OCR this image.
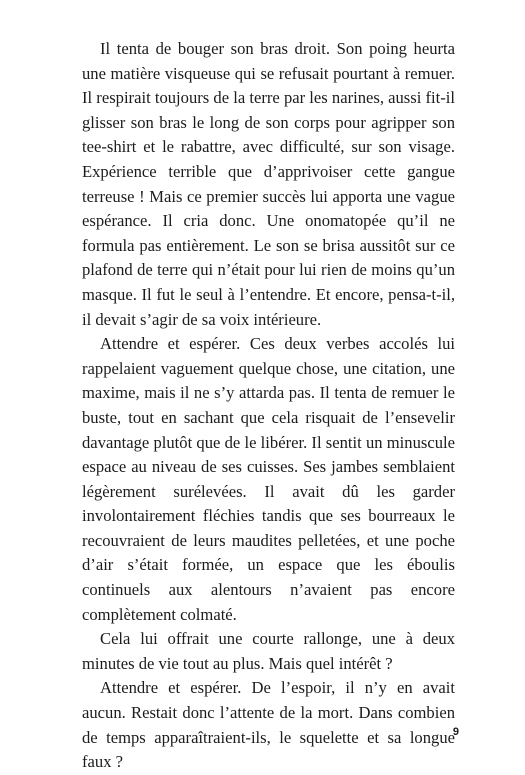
Il tenta de bouger son bras droit. Son poing heurta une matière visqueuse qui se refusait pourtant à remuer. Il respirait toujours de la terre par les narines, aussi fit-il glisser son bras le long de son corps pour agripper son tee-shirt et le rabattre, avec difficulté, sur son visage. Expérience terrible que d’apprivoiser cette gangue terreuse ! Mais ce premier succès lui apporta une vague espérance. Il cria donc. Une onomatopée qu’il ne formula pas entièrement. Le son se brisa aussitôt sur ce plafond de terre qui n’était pour lui rien de moins qu’un masque. Il fut le seul à l’entendre. Et encore, pensa-t-il, il devait s’agir de sa voix intérieure.

Attendre et espérer. Ces deux verbes accolés lui rappelaient vaguement quelque chose, une citation, une maxime, mais il ne s’y attarda pas. Il tenta de remuer le buste, tout en sachant que cela risquait de l’ensevelir davantage plutôt que de le libérer. Il sentit un minuscule espace au niveau de ses cuisses. Ses jambes semblaient légèrement surélevées. Il avait dû les garder involontairement fléchies tandis que ses bourreaux le recouvraient de leurs maudites pelletées, et une poche d’air s’était formée, un espace que les éboulis continuels aux alentours n’avaient pas encore complètement colmaté.

Cela lui offrait une courte rallonge, une à deux minutes de vie tout au plus. Mais quel intérêt ?

Attendre et espérer. De l’espoir, il n’y en avait aucun. Restait donc l’attente de la mort. Dans combien de temps apparaîtraient-ils, le squelette et sa longue faux ?

9
